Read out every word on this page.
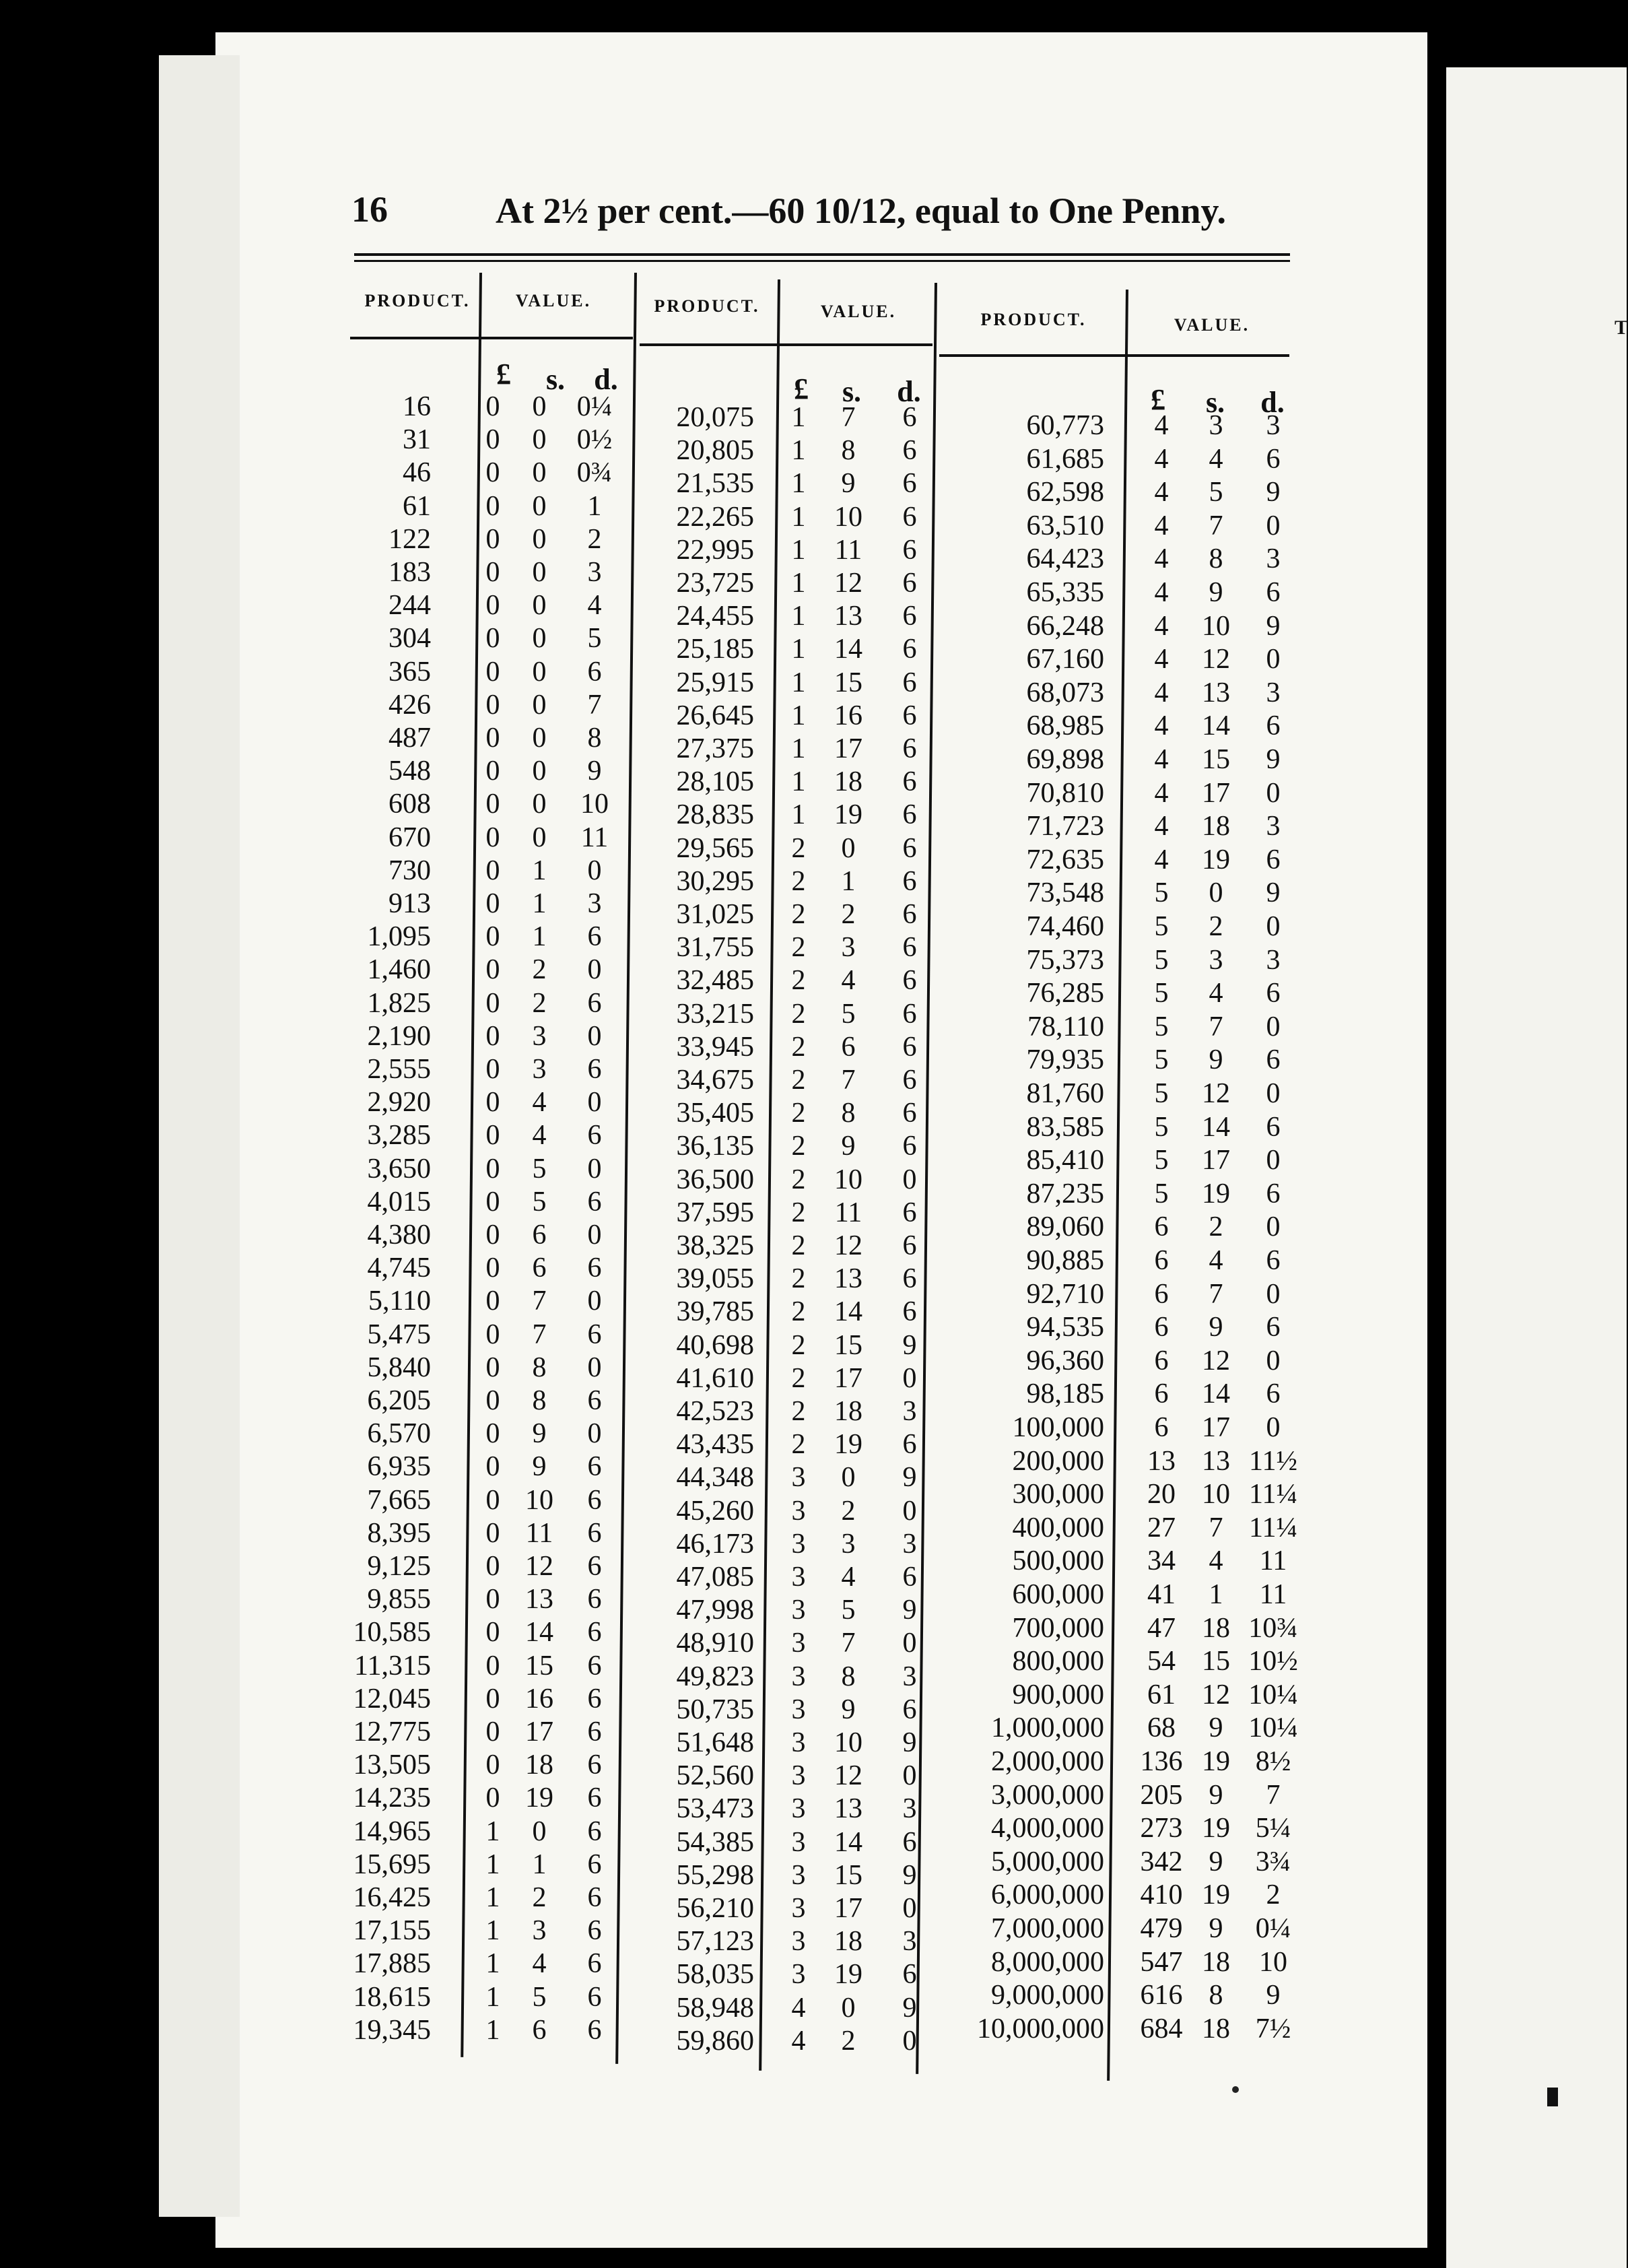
T
16	At 2½ per cent.—60 10/12, equal to One Penny.
PRODUCT.	VALUE.	PRODUCT.	VALUE.	PRODUCT.	VALUE.
£ s. d.	£ s. d.	£ s. d.
16 0	0	0¼
31 0	0	0½
46 0	0	0¾
61 0	0	1
122 0	0	2
183 0	0	3
244 0	0	4
304 0	0	5
365 0	0	6
426 0	0	7
487 0	0	8
548 0	0	9
608 0	0	10
670 0	0	11
730 0	1	0
913 0	1	3
1,095 0	1	6
1,460 0	2	0
1,825 0	2	6
2,190 0	3	0
2,555 0	3	6
2,920 0	4	0
3,285 0	4	6
3,650 0	5	0
4,015 0	5	6
4,380 0	6	0
4,745 0	6	6
5,110 0	7	0
5,475 0	7	6
5,840 0	8	0
6,205 0	8	6
6,570 0	9	0
6,935 0	9	6
7,665 0 10	6
8,395 0 11	6
9,125 0 12	6
9,855 0 13	6
10,585 0 14	6
11,315 0 15	6
12,045 0 16	6
12,775 0 17	6
13,505 0 18	6
14,235 0 19	6
14,965 1	0	6
15,695 1	1	6
16,425 1	2	6
17,155 1	3	6
17,885 1	4	6
18,615 1	5	6
19,345 1	6	6
20,075 1	7	6
20,805 1	8	6
21,535 1	9	6
22,265 1 10	6
22,995 1 11	6
23,725 1 12	6
24,455 1 13	6
25,185 1 14	6
25,915 1 15	6
26,645 1 16	6
27,375 1 17	6
28,105 1 18	6
28,835 1 19	6
29,565 2	0	6
30,295 2	1	6
31,025 2	2	6
31,755 2	3	6
32,485 2	4	6
33,215 2	5	6
33,945 2	6	6
34,675 2	7	6
35,405 2	8	6
36,135 2	9	6
36,500 2 10	0
37,595 2 11	6
38,325 2 12	6
39,055 2 13	6
39,785 2 14	6
40,698 2 15	9
41,610 2 17	0
42,523 2 18	3
43,435 2 19	6
44,348 3	0	9
45,260 3	2	0
46,173 3	3	3
47,085 3	4	6
47,998 3	5	9
48,910 3	7	0
49,823 3	8	3
50,735 3	9	6
51,648 3 10	9
52,560 3 12	0
53,473 3 13	3
54,385 3 14	6
55,298 3 15	9
56,210 3 17	0
57,123 3 18	3
58,035 3 19	6
58,948 4	0	9
59,860 4	2	0
60,773	4	3	3
61,685	4	4	6
62,598	4	5	9
63,510	4	7	0
64,423	4	8	3
65,335	4	9	6
66,248	4	10	9
67,160	4	12	0
68,073	4	13	3
68,985	4	14	6
69,898	4	15	9
70,810	4	17	0
71,723	4	18	3
72,635	4	19	6
73,548	5	0	9
74,460	5	2	0
75,373	5	3	3
76,285	5	4	6
78,110	5	7	0
79,935	5	9	6
81,760	5	12	0
83,585	5	14	6
85,410	5	17	0
87,235	5	19	6
89,060	6	2	0
90,885	6	4	6
92,710	6	7	0
94,535	6	9	6
96,360	6	12	0
98,185	6	14	6
100,000	6	17	0
200,000	13 13 11½
300,000	20 10 11¼
400,000	27	7 11¼
500,000	34	4	11
600,000	41	1	11
700,000	47 18 10¾
800,000	54 15 10½
900,000	61 12 10¼
1,000,000	68	9 10¼
2,000,000 136 19 8½
3,000,000 205 9	7
4,000,000 273 19 5¼
5,000,000 342 9	3¾
6,000,000 410 19	2
7,000,000 479 9	0¼
8,000,000 547 18	10
9,000,000 616 8	9
10,000,000 684 18 7½
